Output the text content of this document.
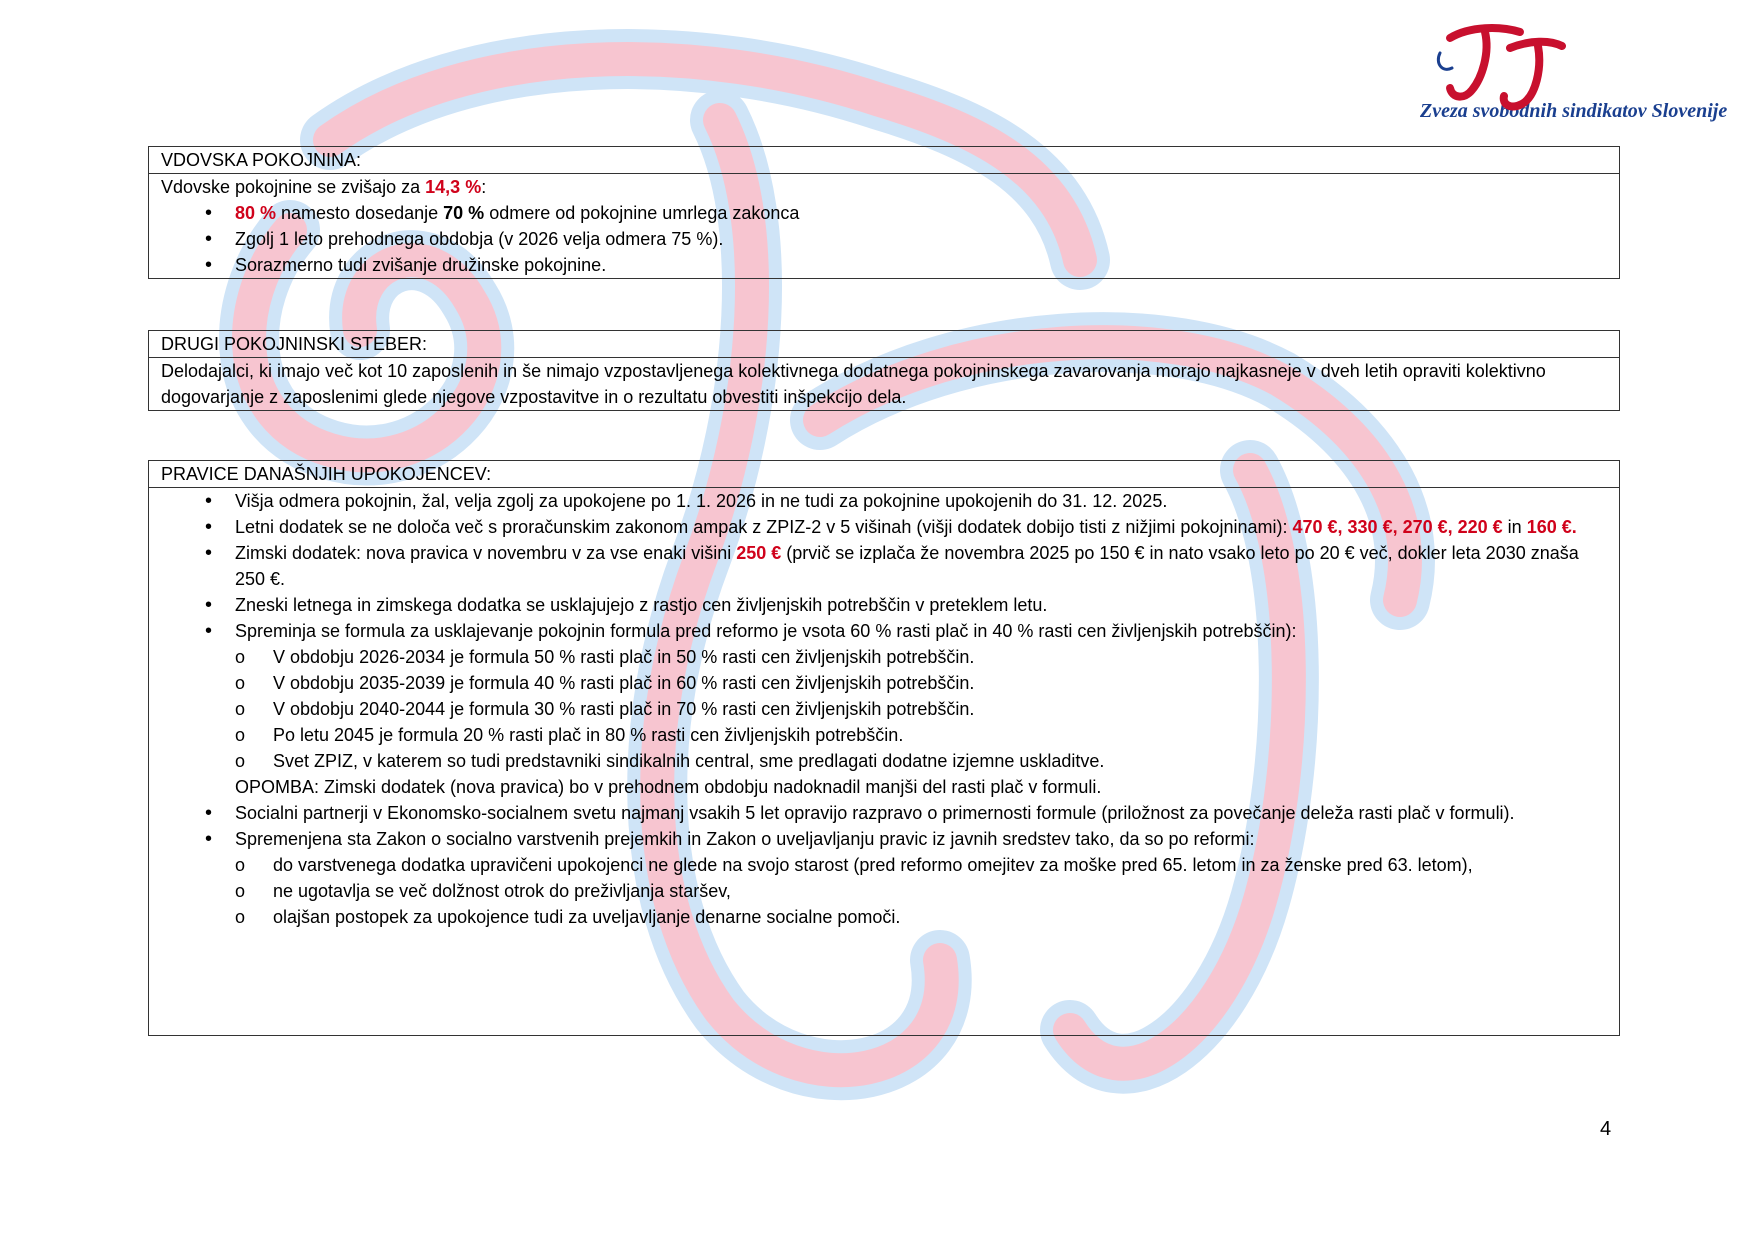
Zveza svobodnih sindikatov Slovenije
VDOVSKA POKOJNINA:
Vdovske pokojnine se zvišajo za 14,3 %:
• 80 % namesto dosedanje 70 % odmere od pokojnine umrlega zakonca
• Zgolj 1 leto prehodnega obdobja (v 2026 velja odmera 75 %).
• Sorazmerno tudi zvišanje družinske pokojnine.
DRUGI POKOJNINSKI STEBER:
Delodajalci, ki imajo več kot 10 zaposlenih in še nimajo vzpostavljenega kolektivnega dodatnega pokojninskega zavarovanja morajo najkasneje v dveh letih opraviti kolektivno dogovarjanje z zaposlenimi glede njegove vzpostavitve in o rezultatu obvestiti inšpekcijo dela.
PRAVICE DANAŠNJIH UPOKOJENCEV:
• Višja odmera pokojnin, žal, velja zgolj za upokojene po 1. 1. 2026 in ne tudi za pokojnine upokojenih do 31. 12. 2025.
• Letni dodatek se ne določa več s proračunskim zakonom ampak z ZPIZ-2 v 5 višinah (višji dodatek dobijo tisti z nižjimi pokojninami): 470 €, 330 €, 270 €, 220 € in 160 €.
• Zimski dodatek: nova pravica v novembru v za vse enaki višini 250 € (prvič se izplača že novembra 2025 po 150 € in nato vsako leto po 20 € več, dokler leta 2030 znaša 250 €.
• Zneski letnega in zimskega dodatka se usklajujejo z rastjo cen življenjskih potrebščin v preteklem letu.
• Spreminja se formula za usklajevanje pokojnin formula pred reformo je vsota 60 % rasti plač in 40 % rasti cen življenjskih potrebščin):
o V obdobju 2026-2034 je formula 50 % rasti plač in 50 % rasti cen življenjskih potrebščin.
o V obdobju 2035-2039 je formula 40 % rasti plač in 60 % rasti cen življenjskih potrebščin.
o V obdobju 2040-2044 je formula 30 % rasti plač in 70 % rasti cen življenjskih potrebščin.
o Po letu 2045 je formula 20 % rasti plač in 80 % rasti cen življenjskih potrebščin.
o Svet ZPIZ, v katerem so tudi predstavniki sindikalnih central, sme predlagati dodatne izjemne uskladitve.
OPOMBA: Zimski dodatek (nova pravica) bo v prehodnem obdobju nadoknadil manjši del rasti plač v formuli.
• Socialni partnerji v Ekonomsko-socialnem svetu najmanj vsakih 5 let opravijo razpravo o primernosti formule (priložnost za povečanje deleža rasti plač v formuli).
• Spremenjena sta Zakon o socialno varstvenih prejemkih in Zakon o uveljavljanju pravic iz javnih sredstev tako, da so po reformi:
o do varstvenega dodatka upravičeni upokojenci ne glede na svojo starost (pred reformo omejitev za moške pred 65. letom in za ženske pred 63. letom),
o ne ugotavlja se več dolžnost otrok do preživljanja staršev,
o olajšan postopek za upokojence tudi za uveljavljanje denarne socialne pomoči.
4
